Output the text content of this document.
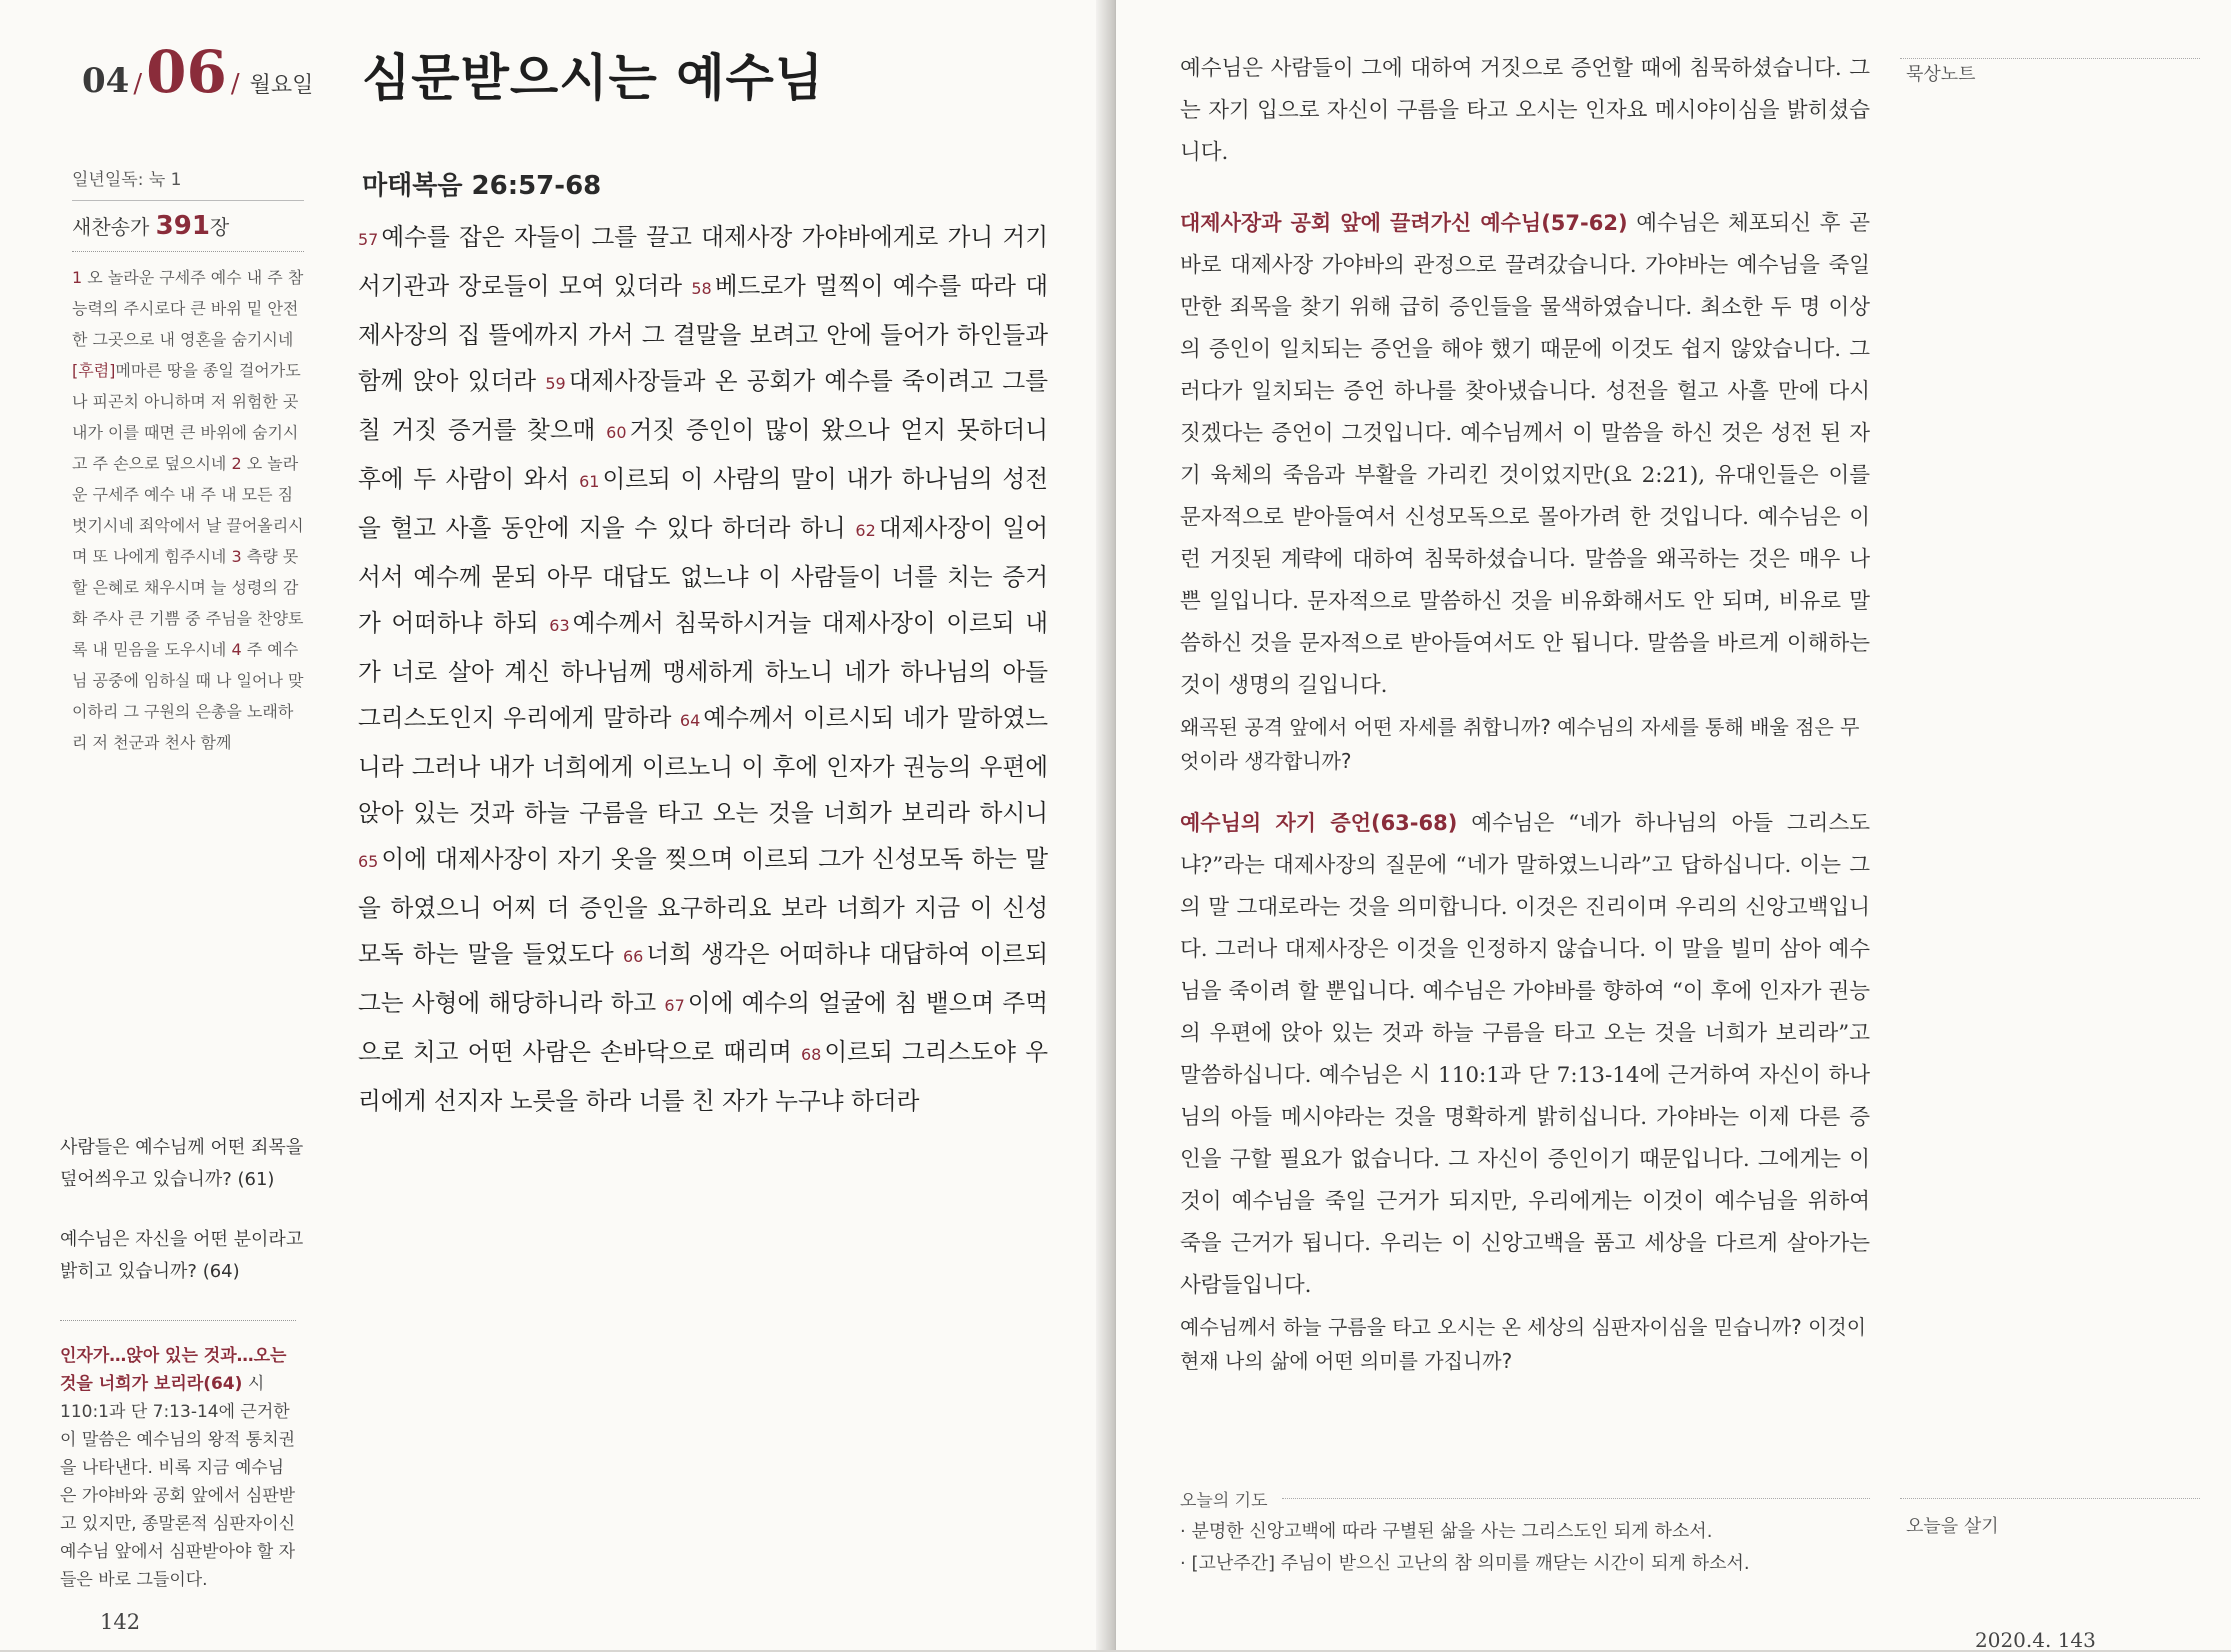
04 / 06 / 월요일 심문받으시는 예수님
일년일독: 눅 1
새찬송가 391장
1 오 놀라운 구세주 예수 내 주 참 능력의 주시로다 큰 바위 밑 안전한 그곳으로 내 영혼을 숨기시네 [후렴]메마른 땅을 종일 걸어가도 나 피곤치 아니하며 저 위험한 곳 내가 이를 때면 큰 바위에 숨기시고 주 손으로 덮으시네 2 오 놀라운 구세주 예수 내 주 내 모든 짐 벗기시네 죄악에서 날 끌어올리시며 또 나에게 힘주시네 3 측량 못 할 은혜로 채우시며 늘 성령의 감화 주사 큰 기쁨 중 주님을 찬양토록 내 믿음을 도우시네 4 주 예수님 공중에 임하실 때 나 일어나 맞이하리 그 구원의 은총을 노래하리 저 천군과 천사 함께
사람들은 예수님께 어떤 죄목을 덮어씌우고 있습니까? (61)
예수님은 자신을 어떤 분이라고 밝히고 있습니까? (64)
인자가…앉아 있는 것과…오는 것을 너희가 보리라(64) 시 110:1과 단 7:13-14에 근거한 이 말씀은 예수님의 왕적 통치권을 나타낸다. 비록 지금 예수님은 가야바와 공회 앞에서 심판받고 있지만, 종말론적 심판자이신 예수님 앞에서 심판받아야 할 자들은 바로 그들이다.
142
마태복음 26:57-68
57 예수를 잡은 자들이 그를 끌고 대제사장 가야바에게로 가니 거기 서기관과 장로들이 모여 있더라 58 베드로가 멀찍이 예수를 따라 대제사장의 집 뜰에까지 가서 그 결말을 보려고 안에 들어가 하인들과 함께 앉아 있더라 59 대제사장들과 온 공회가 예수를 죽이려고 그를 칠 거짓 증거를 찾으매 60 거짓 증인이 많이 왔으나 얻지 못하더니 후에 두 사람이 와서 61 이르되 이 사람의 말이 내가 하나님의 성전을 헐고 사흘 동안에 지을 수 있다 하더라 하니 62 대제사장이 일어서서 예수께 묻되 아무 대답도 없느냐 이 사람들이 너를 치는 증거가 어떠하냐 하되 63 예수께서 침묵하시거늘 대제사장이 이르되 내가 너로 살아 계신 하나님께 맹세하게 하노니 네가 하나님의 아들 그리스도인지 우리에게 말하라 64 예수께서 이르시되 네가 말하였느니라 그러나 내가 너희에게 이르노니 이 후에 인자가 권능의 우편에 앉아 있는 것과 하늘 구름을 타고 오는 것을 너희가 보리라 하시니 65 이에 대제사장이 자기 옷을 찢으며 이르되 그가 신성모독 하는 말을 하였으니 어찌 더 증인을 요구하리요 보라 너희가 지금 이 신성모독 하는 말을 들었도다 66 너희 생각은 어떠하냐 대답하여 이르되 그는 사형에 해당하니라 하고 67 이에 예수의 얼굴에 침 뱉으며 주먹으로 치고 어떤 사람은 손바닥으로 때리며 68 이르되 그리스도야 우리에게 선지자 노릇을 하라 너를 친 자가 누구냐 하더라
예수님은 사람들이 그에 대하여 거짓으로 증언할 때에 침묵하셨습니다. 그는 자기 입으로 자신이 구름을 타고 오시는 인자요 메시야이심을 밝히셨습니다.
대제사장과 공회 앞에 끌려가신 예수님(57-62) 예수님은 체포되신 후 곧바로 대제사장 가야바의 관정으로 끌려갔습니다. 가야바는 예수님을 죽일만한 죄목을 찾기 위해 급히 증인들을 물색하였습니다. 최소한 두 명 이상의 증인이 일치되는 증언을 해야 했기 때문에 이것도 쉽지 않았습니다. 그러다가 일치되는 증언 하나를 찾아냈습니다. 성전을 헐고 사흘 만에 다시 짓겠다는 증언이 그것입니다. 예수님께서 이 말씀을 하신 것은 성전 된 자기 육체의 죽음과 부활을 가리킨 것이었지만(요 2:21), 유대인들은 이를 문자적으로 받아들여서 신성모독으로 몰아가려 한 것입니다. 예수님은 이런 거짓된 계략에 대하여 침묵하셨습니다. 말씀을 왜곡하는 것은 매우 나쁜 일입니다. 문자적으로 말씀하신 것을 비유화해서도 안 되며, 비유로 말씀하신 것을 문자적으로 받아들여서도 안 됩니다. 말씀을 바르게 이해하는 것이 생명의 길입니다.
왜곡된 공격 앞에서 어떤 자세를 취합니까? 예수님의 자세를 통해 배울 점은 무엇이라 생각합니까?
예수님의 자기 증언(63-68) 예수님은 “네가 하나님의 아들 그리스도냐?”라는 대제사장의 질문에 “네가 말하였느니라”고 답하십니다. 이는 그의 말 그대로라는 것을 의미합니다. 이것은 진리이며 우리의 신앙고백입니다. 그러나 대제사장은 이것을 인정하지 않습니다. 이 말을 빌미 삼아 예수님을 죽이려 할 뿐입니다. 예수님은 가야바를 향하여 “이 후에 인자가 권능의 우편에 앉아 있는 것과 하늘 구름을 타고 오는 것을 너희가 보리라”고 말씀하십니다. 예수님은 시 110:1과 단 7:13-14에 근거하여 자신이 하나님의 아들 메시야라는 것을 명확하게 밝히십니다. 가야바는 이제 다른 증인을 구할 필요가 없습니다. 그 자신이 증인이기 때문입니다. 그에게는 이것이 예수님을 죽일 근거가 되지만, 우리에게는 이것이 예수님을 위하여 죽을 근거가 됩니다. 우리는 이 신앙고백을 품고 세상을 다르게 살아가는 사람들입니다.
예수님께서 하늘 구름을 타고 오시는 온 세상의 심판자이심을 믿습니까? 이것이 현재 나의 삶에 어떤 의미를 가집니까?
묵상노트
오늘의 기도
· 분명한 신앙고백에 따라 구별된 삶을 사는 그리스도인 되게 하소서.
· [고난주간] 주님이 받으신 고난의 참 의미를 깨닫는 시간이 되게 하소서.
오늘을 살기
2020.4. 143
